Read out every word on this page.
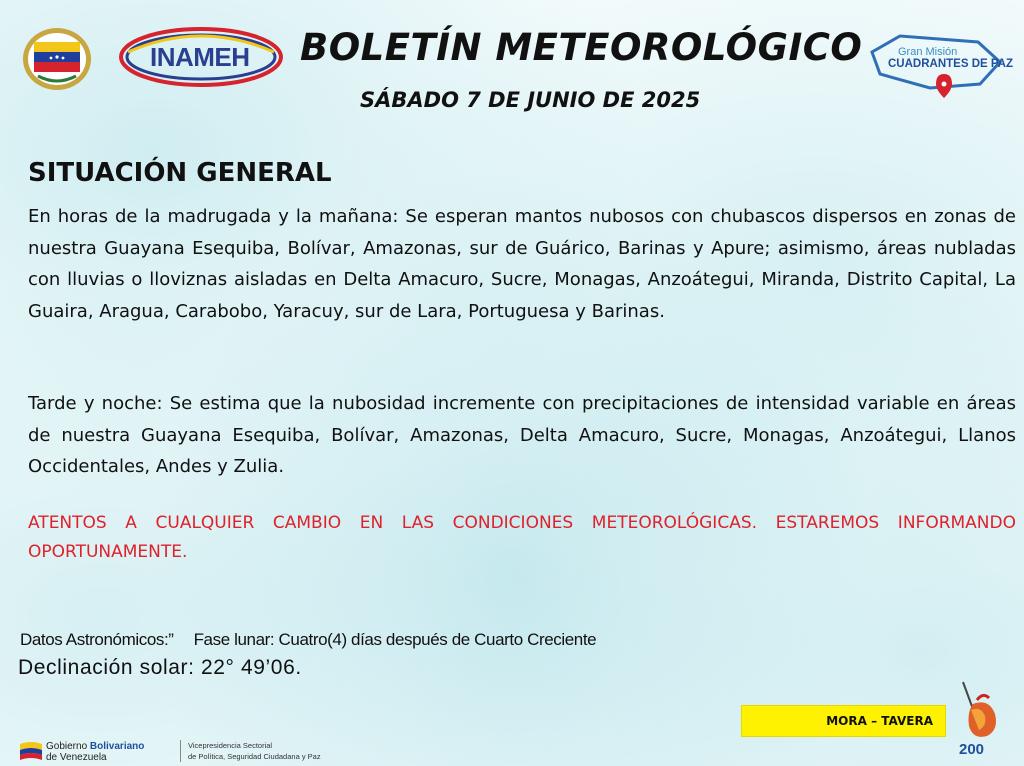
INAMEH BOLETÍN METEOROLÓGICO
SÁBADO 7 DE JUNIO DE 2025
Gran Misión
CUADRANTES DE PAZ
SITUACIÓN GENERAL

En horas de la madrugada y la mañana: Se esperan mantos nubosos con chubascos dispersos en zonas de nuestra Guayana Esequiba, Bolívar, Amazonas, sur de Guárico, Barinas y Apure; asimismo, áreas nubladas con lluvias o lloviznas aisladas en Delta Amacuro, Sucre, Monagas, Anzoátegui, Miranda, Distrito Capital, La Guaira, Aragua, Carabobo, Yaracuy, sur de Lara, Portuguesa y Barinas.

Tarde y noche: Se estima que la nubosidad incremente con precipitaciones de intensidad variable en áreas de nuestra Guayana Esequiba, Bolívar, Amazonas, Delta Amacuro, Sucre, Monagas, Anzoátegui, Llanos Occidentales, Andes y Zulia.

ATENTOS A CUALQUIER CAMBIO EN LAS CONDICIONES METEOROLÓGICAS. ESTAREMOS INFORMANDO OPORTUNAMENTE.

Datos Astronómicos:” Fase lunar: Cuatro(4) días después de Cuarto Creciente
Declinación solar: 22° 49’06.
MORA – TAVERA
Gobierno Bolivariano
de Venezuela
Vicepresidencia Sectorial
de Política, Seguridad Ciudadana y Paz	200
